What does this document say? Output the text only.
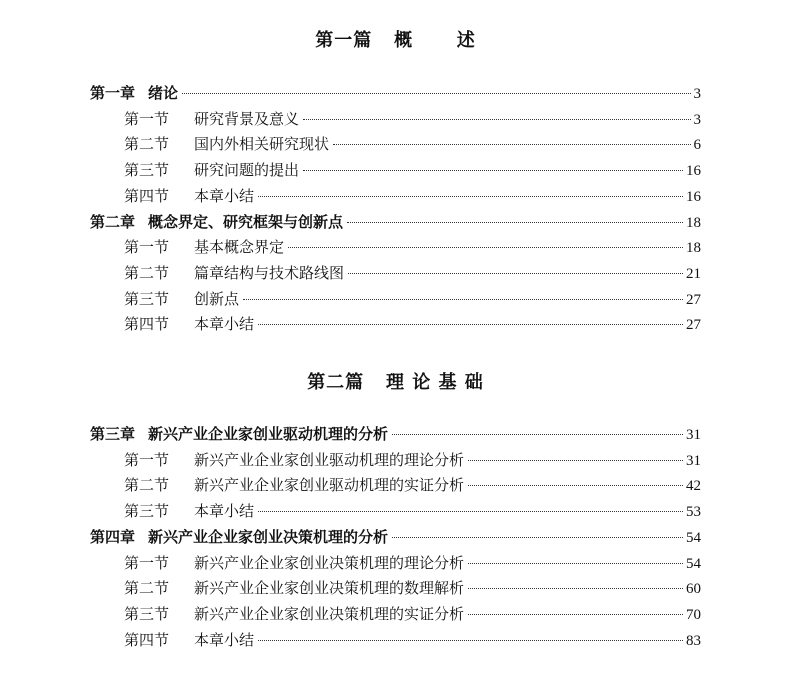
第一篇   概      述
第一章 绪论	3
第一节	研究背景及意义	3
第二节	国内外相关研究现状	6
第三节	研究问题的提出	16
第四节	本章小结	16
第二章 概念界定、研究框架与创新点	18
第一节	基本概念界定	18
第二节	篇章结构与技术路线图	21
第三节	创新点	27
第四节	本章小结	27
第二篇   理 论 基 础
第三章 新兴产业企业家创业驱动机理的分析	31
第一节	新兴产业企业家创业驱动机理的理论分析	31
第二节	新兴产业企业家创业驱动机理的实证分析	42
第三节	本章小结	53
第四章 新兴产业企业家创业决策机理的分析	54
第一节	新兴产业企业家创业决策机理的理论分析	54
第二节	新兴产业企业家创业决策机理的数理解析	60
第三节	新兴产业企业家创业决策机理的实证分析	70
第四节	本章小结	83
